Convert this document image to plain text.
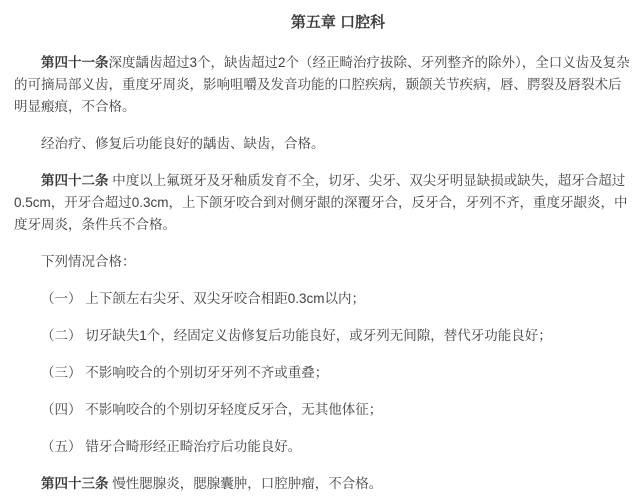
第五章 口腔科

第四十一条深度龋齿超过3个，缺齿超过2个（经正畸治疗拔除、牙列整齐的除外），全口义齿及复杂的可摘局部义齿，重度牙周炎，影响咀嚼及发音功能的口腔疾病，颞颌关节疾病，唇、腭裂及唇裂术后明显瘢痕，不合格。

经治疗、修复后功能良好的龋齿、缺齿，合格。

第四十二条 中度以上氟斑牙及牙釉质发育不全，切牙、尖牙、双尖牙明显缺损或缺失，超牙合超过0.5cm，开牙合超过0.3cm，上下颌牙咬合到对侧牙龈的深覆牙合，反牙合，牙列不齐，重度牙龈炎，中度牙周炎，条件兵不合格。

下列情况合格：

（一） 上下颌左右尖牙、双尖牙咬合相距0.3cm以内；

（二） 切牙缺失1个，经固定义齿修复后功能良好，或牙列无间隙，替代牙功能良好；

（三） 不影响咬合的个别切牙牙列不齐或重叠；

（四） 不影响咬合的个别切牙轻度反牙合，无其他体征；

（五） 错牙合畸形经正畸治疗后功能良好。

第四十三条 慢性腮腺炎，腮腺囊肿，口腔肿瘤，不合格。
